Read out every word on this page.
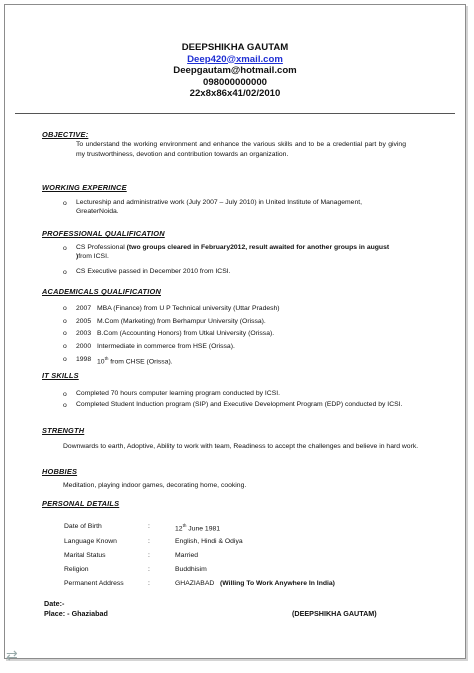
DEEPSHIKHA GAUTAM
Deep420@xmail.com
Deepgautam@hotmail.com
098000000000
22x8x86x41/02/2010
OBJECTIVE:
To understand the working environment and enhance the various skills and to be a credential part by giving my trustworthiness, devotion and contribution towards an organization.
WORKING EXPERINCE
o Lectureship and administrative work (July 2007 – July 2010) in United Institute of Management, GreaterNoida.
PROFESSIONAL QUALIFICATION
o CS Professional (two groups cleared in February2012, result awaited for another groups in august )from ICSI.
o CS Executive passed in December 2010 from ICSI.
ACADEMICALS QUALIFICATION
o 2007 MBA (Finance) from U P Technical university (Uttar Pradesh)
o 2005 M.Com (Marketing) from Berhampur University (Orissa).
o 2003 B.Com (Accounting Honors) from Utkal University (Orissa).
o 2000 Intermediate in commerce from HSE (Orissa).
o 1998 10th from CHSE (Orissa).
IT SKILLS
o Completed 70 hours computer learning program conducted by ICSI.
o Completed Student Induction program (SIP) and Executive Development Program (EDP) conducted by ICSI.
STRENGTH
Downwards to earth, Adoptive, Ability to work with team, Readiness to accept the challenges and believe in hard work.
HOBBIES
Meditation, playing indoor games, decorating home, cooking.
PERSONAL DETAILS
Date of Birth	:	12th June 1981
Language Known	:	English, Hindi & Odiya
Marital Status	:	Married
Religion	:	Buddhisim
Permanent Address	:	GHAZIABAD (Willing To Work Anywhere In India)
Date:-
Place: - Ghaziabad	(DEEPSHIKHA GAUTAM)
⇄
